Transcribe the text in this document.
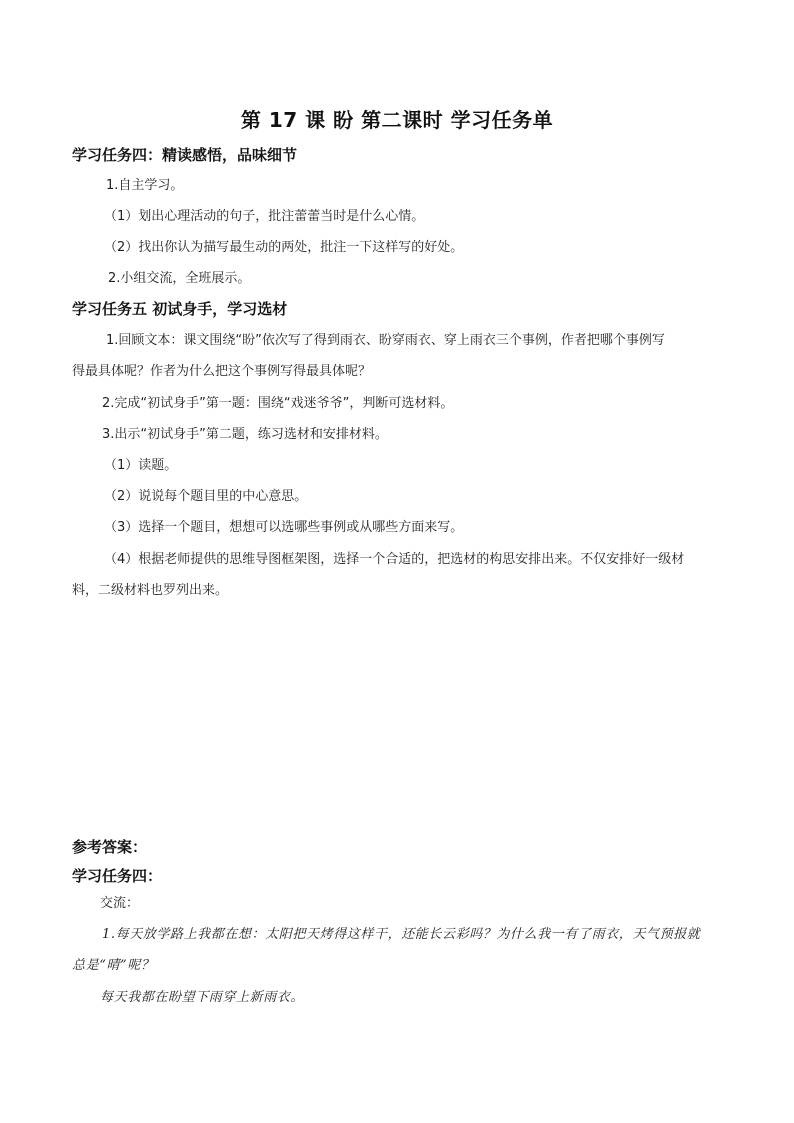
第 17 课 盼 第二课时 学习任务单
学习任务四：精读感悟，品味细节
1.自主学习。
（1）划出心理活动的句子，批注蕾蕾当时是什么心情。
（2）找出你认为描写最生动的两处，批注一下这样写的好处。
2.小组交流，全班展示。
学习任务五 初试身手，学习选材
1.回顾文本：课文围绕“盼”依次写了得到雨衣、盼穿雨衣、穿上雨衣三个事例，作者把哪个事例写
得最具体呢？作者为什么把这个事例写得最具体呢？
2.完成“初试身手”第一题：围绕“戏迷爷爷”，判断可选材料。
3.出示“初试身手”第二题，练习选材和安排材料。
（1）读题。
（2）说说每个题目里的中心意思。
（3）选择一个题目，想想可以选哪些事例或从哪些方面来写。
（4）根据老师提供的思维导图框架图，选择一个合适的，把选材的构思安排出来。不仅安排好一级材
料，二级材料也罗列出来。
参考答案：
学习任务四：
交流：
1.每天放学路上我都在想：太阳把天烤得这样干，还能长云彩吗？为什么我一有了雨衣，天气预报就
总是“晴”呢？
每天我都在盼望下雨穿上新雨衣。
